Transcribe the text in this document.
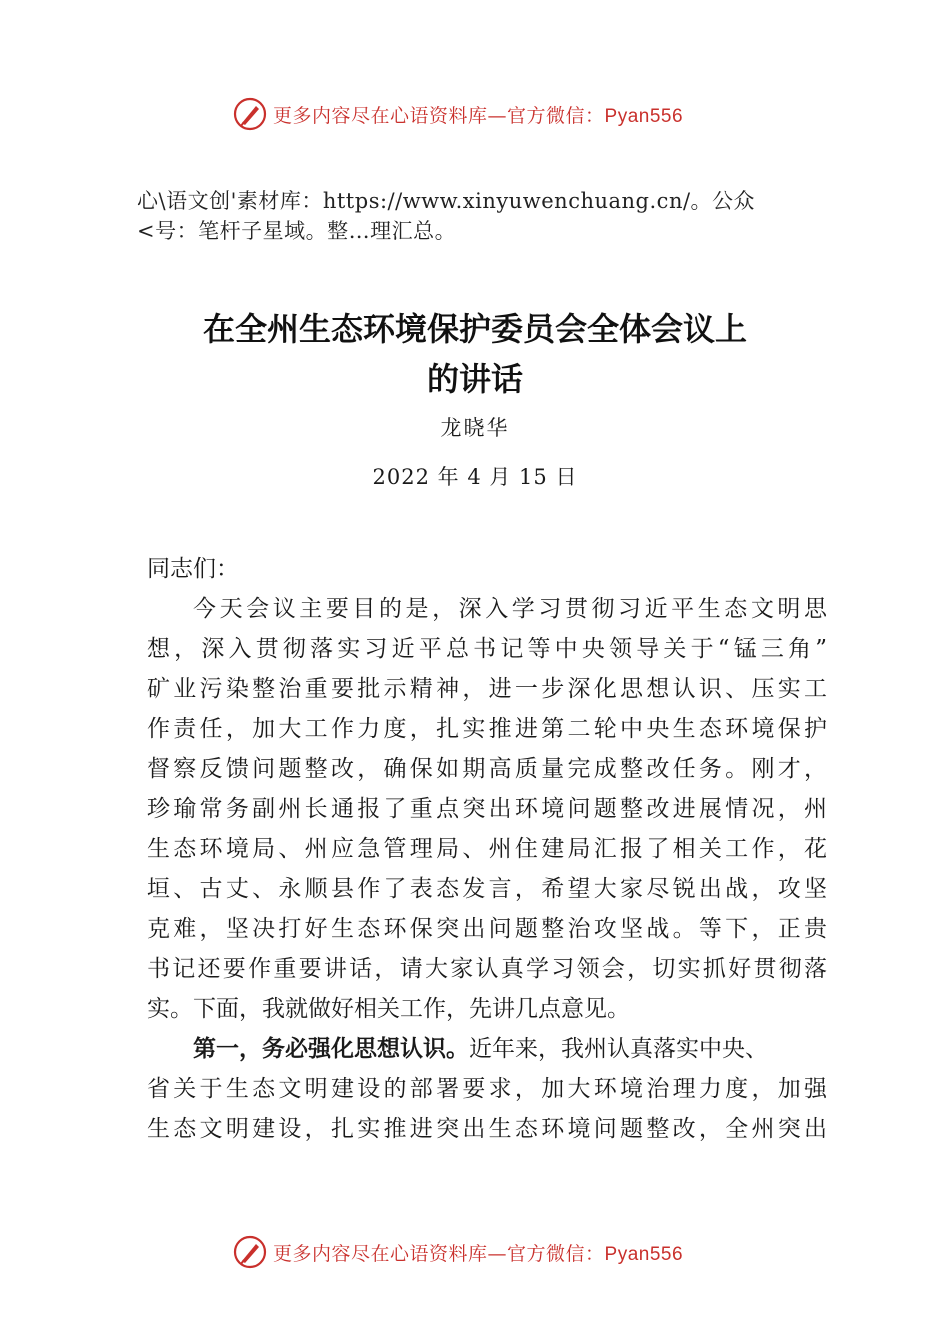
更多内容尽在心语资料库—官方微信：Pyan556
心\语文创'素材库：https://www.xinyuwenchuang.cn/。公众
<号：笔杆子星域。整…理汇总。
在全州生态环境保护委员会全体会议上
的讲话
龙晓华
2022 年 4 月 15 日
同志们：
今天会议主要目的是，深入学习贯彻习近平生态文明思
想，深入贯彻落实习近平总书记等中央领导关于“锰三角”
矿业污染整治重要批示精神，进一步深化思想认识、压实工
作责任，加大工作力度，扎实推进第二轮中央生态环境保护
督察反馈问题整改，确保如期高质量完成整改任务。刚才，
珍瑜常务副州长通报了重点突出环境问题整改进展情况，州
生态环境局、州应急管理局、州住建局汇报了相关工作，花
垣、古丈、永顺县作了表态发言，希望大家尽锐出战，攻坚
克难，坚决打好生态环保突出问题整治攻坚战。等下，正贵
书记还要作重要讲话，请大家认真学习领会，切实抓好贯彻落
实。下面，我就做好相关工作，先讲几点意见。
第一，务必强化思想认识。近年来，我州认真落实中央、
省关于生态文明建设的部署要求，加大环境治理力度，加强
生态文明建设，扎实推进突出生态环境问题整改，全州突出
更多内容尽在心语资料库—官方微信：Pyan556
